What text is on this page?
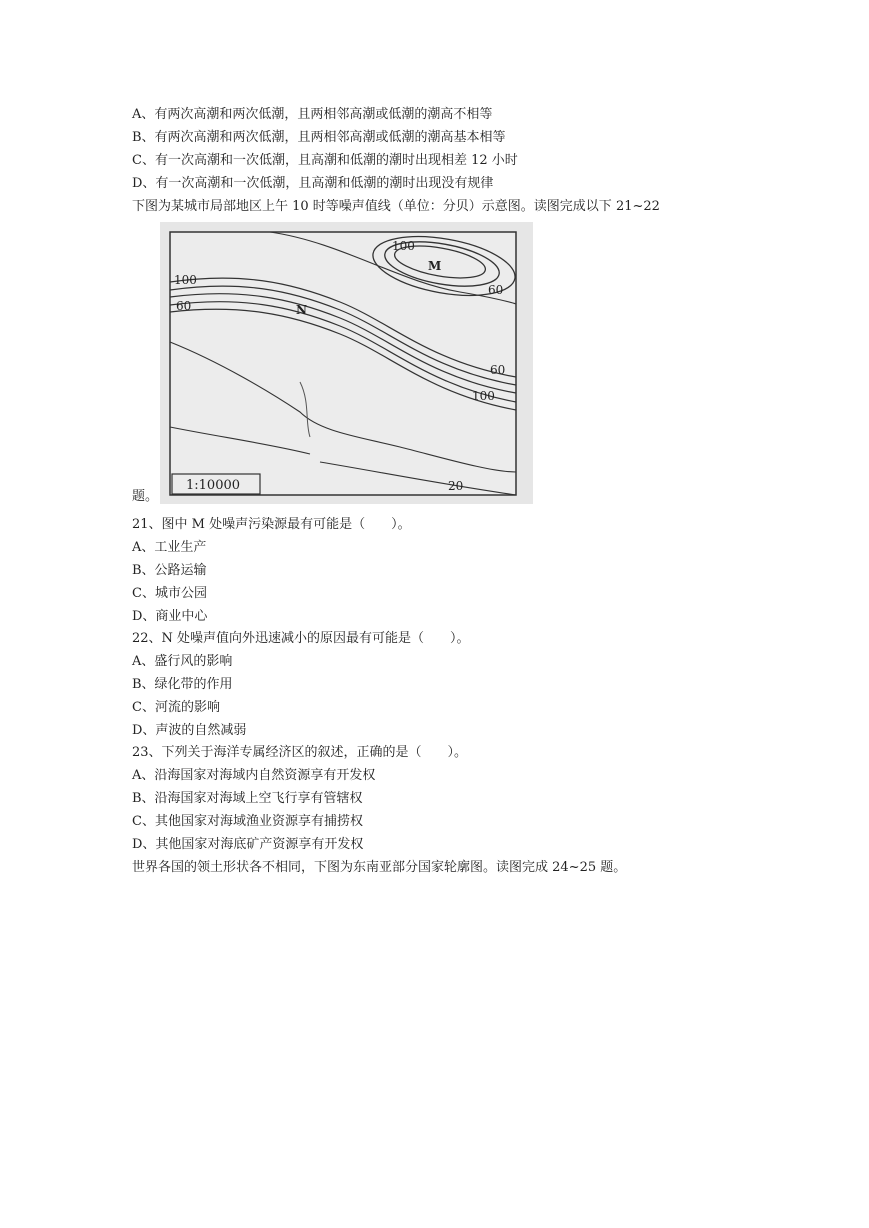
A、有两次高潮和两次低潮，且两相邻高潮或低潮的潮高不相等
B、有两次高潮和两次低潮，且两相邻高潮或低潮的潮高基本相等
C、有一次高潮和一次低潮，且高潮和低潮的潮时出现相差 12 小时
D、有一次高潮和一次低潮，且高潮和低潮的潮时出现没有规律
下图为某城市局部地区上午 10 时等噪声值线（单位：分贝）示意图。读图完成以下 21~22
1:10000
100
M
60
100
60	N
60
100
20
题。
21、图中 M 处噪声污染源最有可能是（　　）。
A、工业生产
B、公路运输
C、城市公园
D、商业中心
22、N 处噪声值向外迅速减小的原因最有可能是（　　）。
A、盛行风的影响
B、绿化带的作用
C、河流的影响
D、声波的自然减弱
23、下列关于海洋专属经济区的叙述，正确的是（　　）。
A、沿海国家对海域内自然资源享有开发权
B、沿海国家对海域上空飞行享有管辖权
C、其他国家对海域渔业资源享有捕捞权
D、其他国家对海底矿产资源享有开发权
世界各国的领土形状各不相同，下图为东南亚部分国家轮廓图。读图完成 24~25 题。
